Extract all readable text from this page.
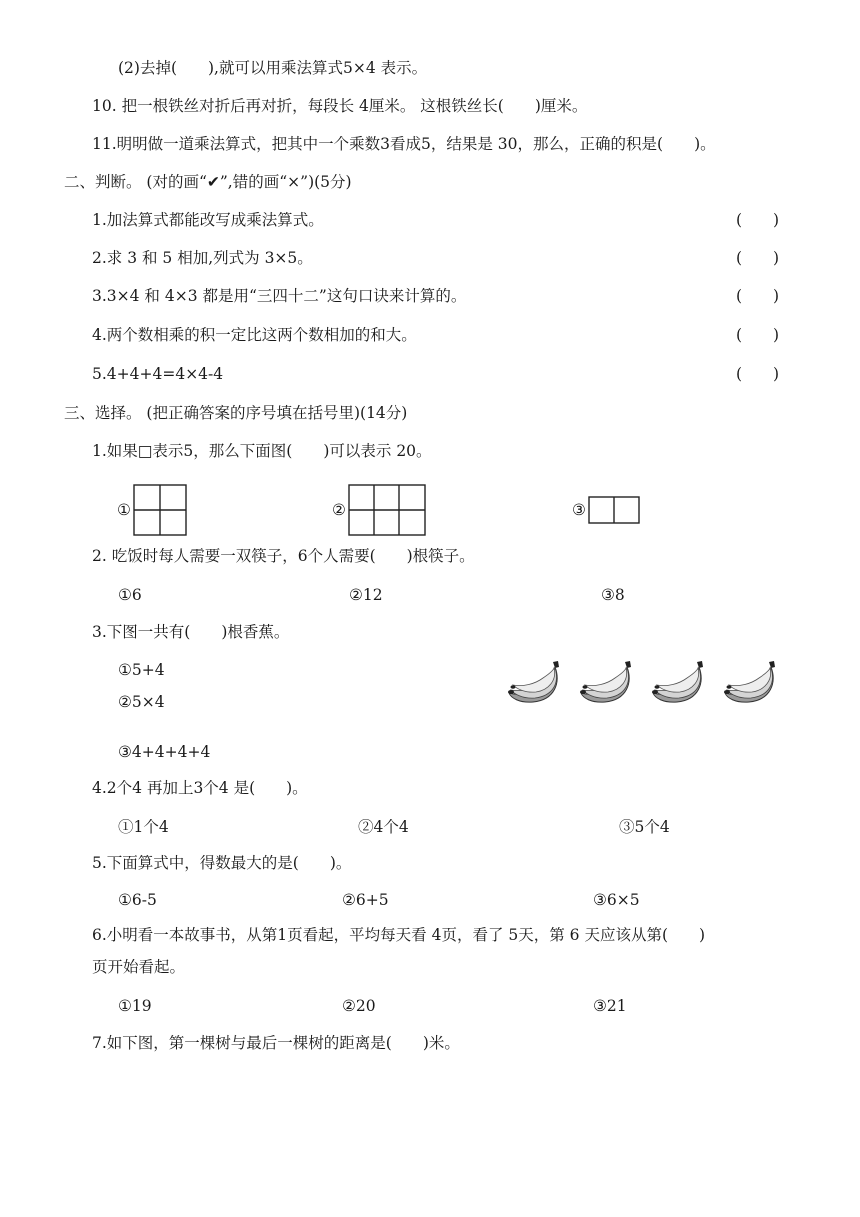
(2)去掉(　　),就可以用乘法算式5×4 表示。
10. 把一根铁丝对折后再对折，每段长 4厘米。 这根铁丝长(　　)厘米。
11.明明做一道乘法算式，把其中一个乘数3看成5，结果是 30，那么，正确的积是(　　)。
二、判断。 (对的画“✔”,错的画“×”)(5分)
1.加法算式都能改写成乘法算式。	(　　)
2.求 3 和 5 相加,列式为 3×5。	(　　)
3.3×4 和 4×3 都是用“三四十二”这句口诀来计算的。	(　　)
4.两个数相乘的积一定比这两个数相加的和大。	(　　)
5.4+4+4=4×4-4	(　　)
三、选择。 (把正确答案的序号填在括号里)(14分)
1.如果□表示5，那么下面图(　　)可以表示 20。
①	②	③
2. 吃饭时每人需要一双筷子，6个人需要(　　)根筷子。
①6	②12	③8
3.下图一共有(　　)根香蕉。
①5+4
②5×4
③4+4+4+4
4.2个4 再加上3个4 是(　　)。
①1个4	②4个4	③5个4
5.下面算式中，得数最大的是(　　)。
①6-5	②6+5	③6×5
6.小明看一本故事书，从第1页看起，平均每天看 4页，看了 5天，第 6 天应该从第(　　)
页开始看起。
①19	②20	③21
7.如下图，第一棵树与最后一棵树的距离是(　　)米。
